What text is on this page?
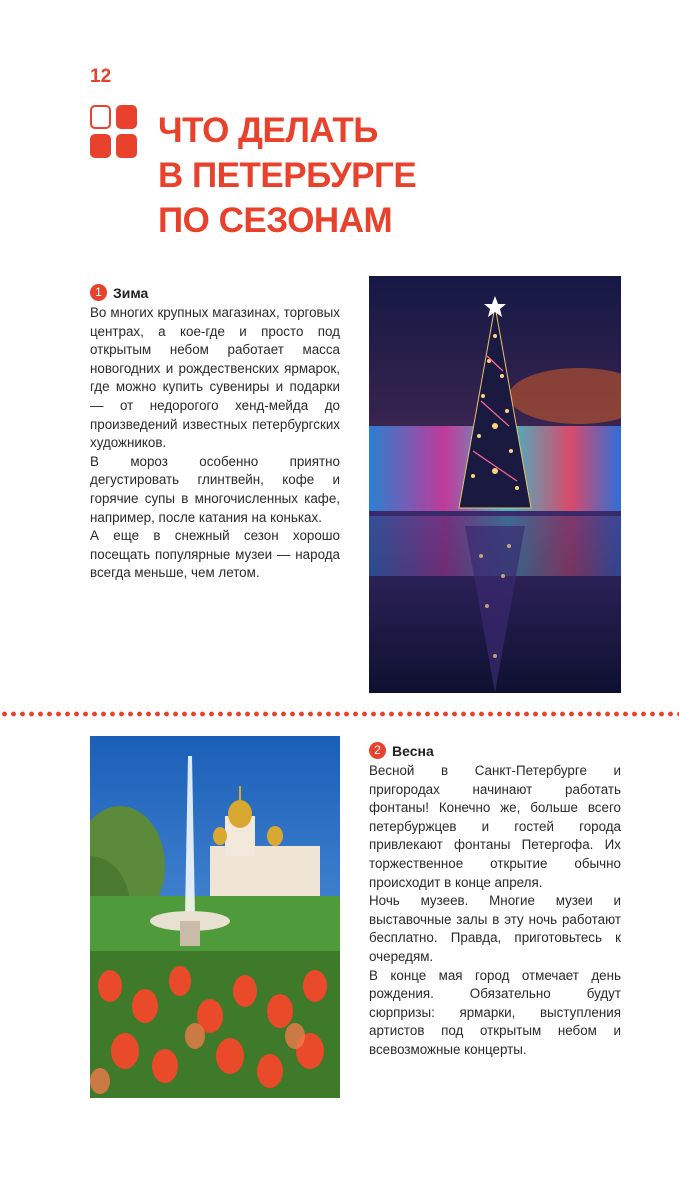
12
ЧТО ДЕЛАТЬ
В ПЕТЕРБУРГЕ
ПО СЕЗОНАМ
1 Зима

Во многих крупных магазинах, торговых центрах, а кое-где и просто под открытым небом работает масса новогодних и рождественских ярмарок, где можно купить сувениры и подарки — от недорогого хенд-мейда до произведений известных петербургских художников.

В мороз особенно приятно дегустировать глинтвейн, кофе и горячие супы в многочисленных кафе, например, после катания на коньках.

А еще в снежный сезон хорошо посещать популярные музеи — народа всегда меньше, чем летом.

2 Весна

Весной в Санкт-Петербурге и пригородах начинают работать фонтаны! Конечно же, больше всего петербуржцев и гостей города привлекают фонтаны Петергофа. Их торжественное открытие обычно происходит в конце апреля.

Ночь музеев. Многие музеи и выставочные залы в эту ночь работают бесплатно. Правда, приготовьтесь к очередям.

В конце мая город отмечает день рождения. Обязательно будут сюрпризы: ярмарки, выступления артистов под открытым небом и всевозможные концерты.
